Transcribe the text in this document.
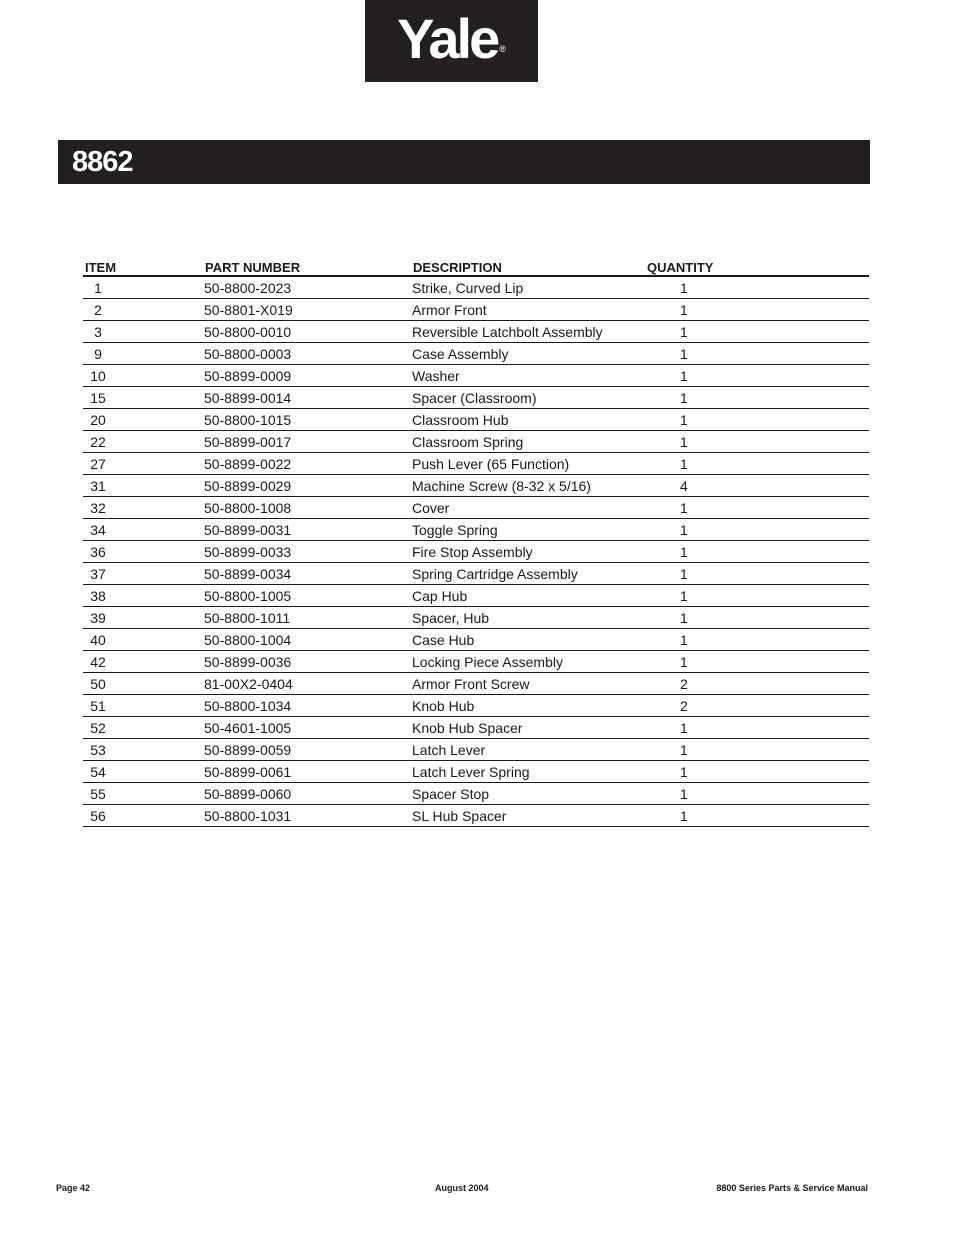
Yale ®
8862
ITEM	PART NUMBER	DESCRIPTION	QUANTITY
1	50-8800-2023	Strike, Curved Lip	1
2	50-8801-X019	Armor Front	1
3	50-8800-0010	Reversible Latchbolt Assembly	1
9	50-8800-0003	Case Assembly	1
10	50-8899-0009	Washer	1
15	50-8899-0014	Spacer (Classroom)	1
20	50-8800-1015	Classroom Hub	1
22	50-8899-0017	Classroom Spring	1
27	50-8899-0022	Push Lever (65 Function)	1
31	50-8899-0029	Machine Screw (8-32 x 5/16)	4
32	50-8800-1008	Cover	1
34	50-8899-0031	Toggle Spring	1
36	50-8899-0033	Fire Stop Assembly	1
37	50-8899-0034	Spring Cartridge Assembly	1
38	50-8800-1005	Cap Hub	1
39	50-8800-1011	Spacer, Hub	1
40	50-8800-1004	Case Hub	1
42	50-8899-0036	Locking Piece Assembly	1
50	81-00X2-0404	Armor Front Screw	2
51	50-8800-1034	Knob Hub	2
52	50-4601-1005	Knob Hub Spacer	1
53	50-8899-0059	Latch Lever	1
54	50-8899-0061	Latch Lever Spring	1
55	50-8899-0060	Spacer Stop	1
56	50-8800-1031	SL Hub Spacer	1
Page 42	August 2004	8800 Series Parts & Service Manual
